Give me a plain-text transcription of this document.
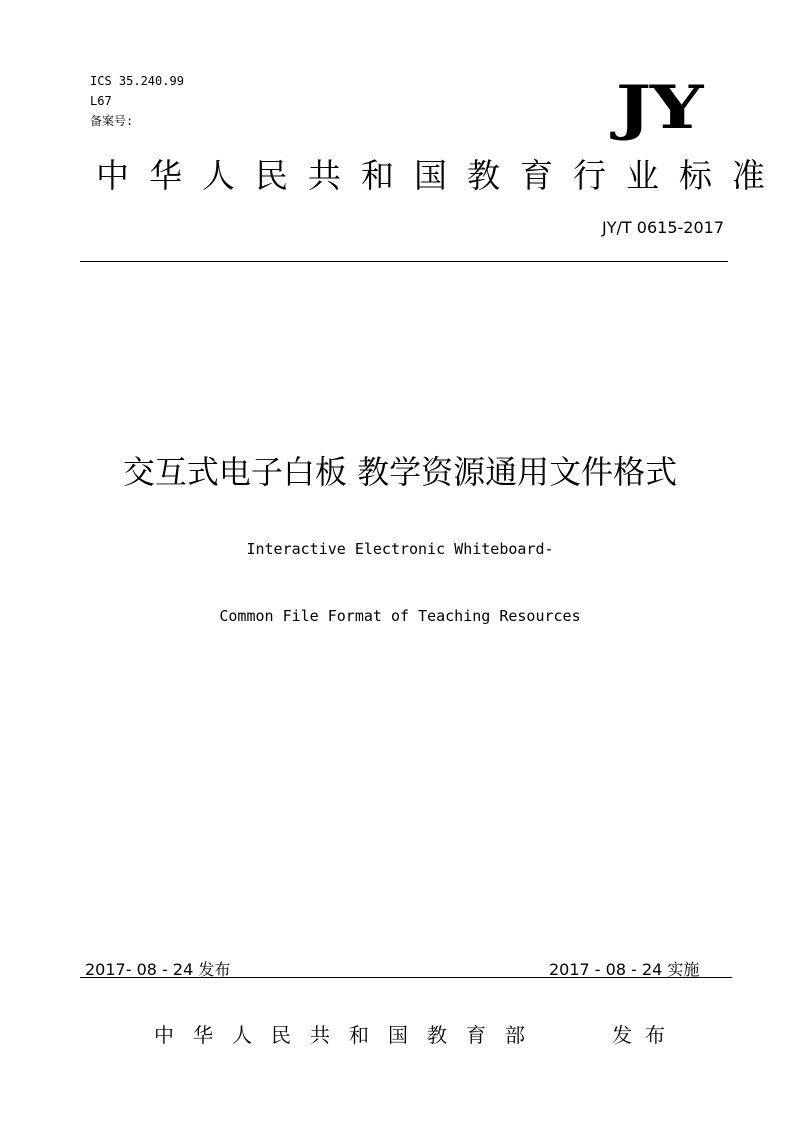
ICS 35.240.99
L67
备案号:	JY
中华人民共和国教育行业标准
JY/T 0615-2017
交互式电子白板 教学资源通用文件格式
Interactive Electronic Whiteboard-
Common File Format of Teaching Resources
2017- 08 - 24 发布	2017 - 08 - 24 实施
中华人民共和国教育部	发布
